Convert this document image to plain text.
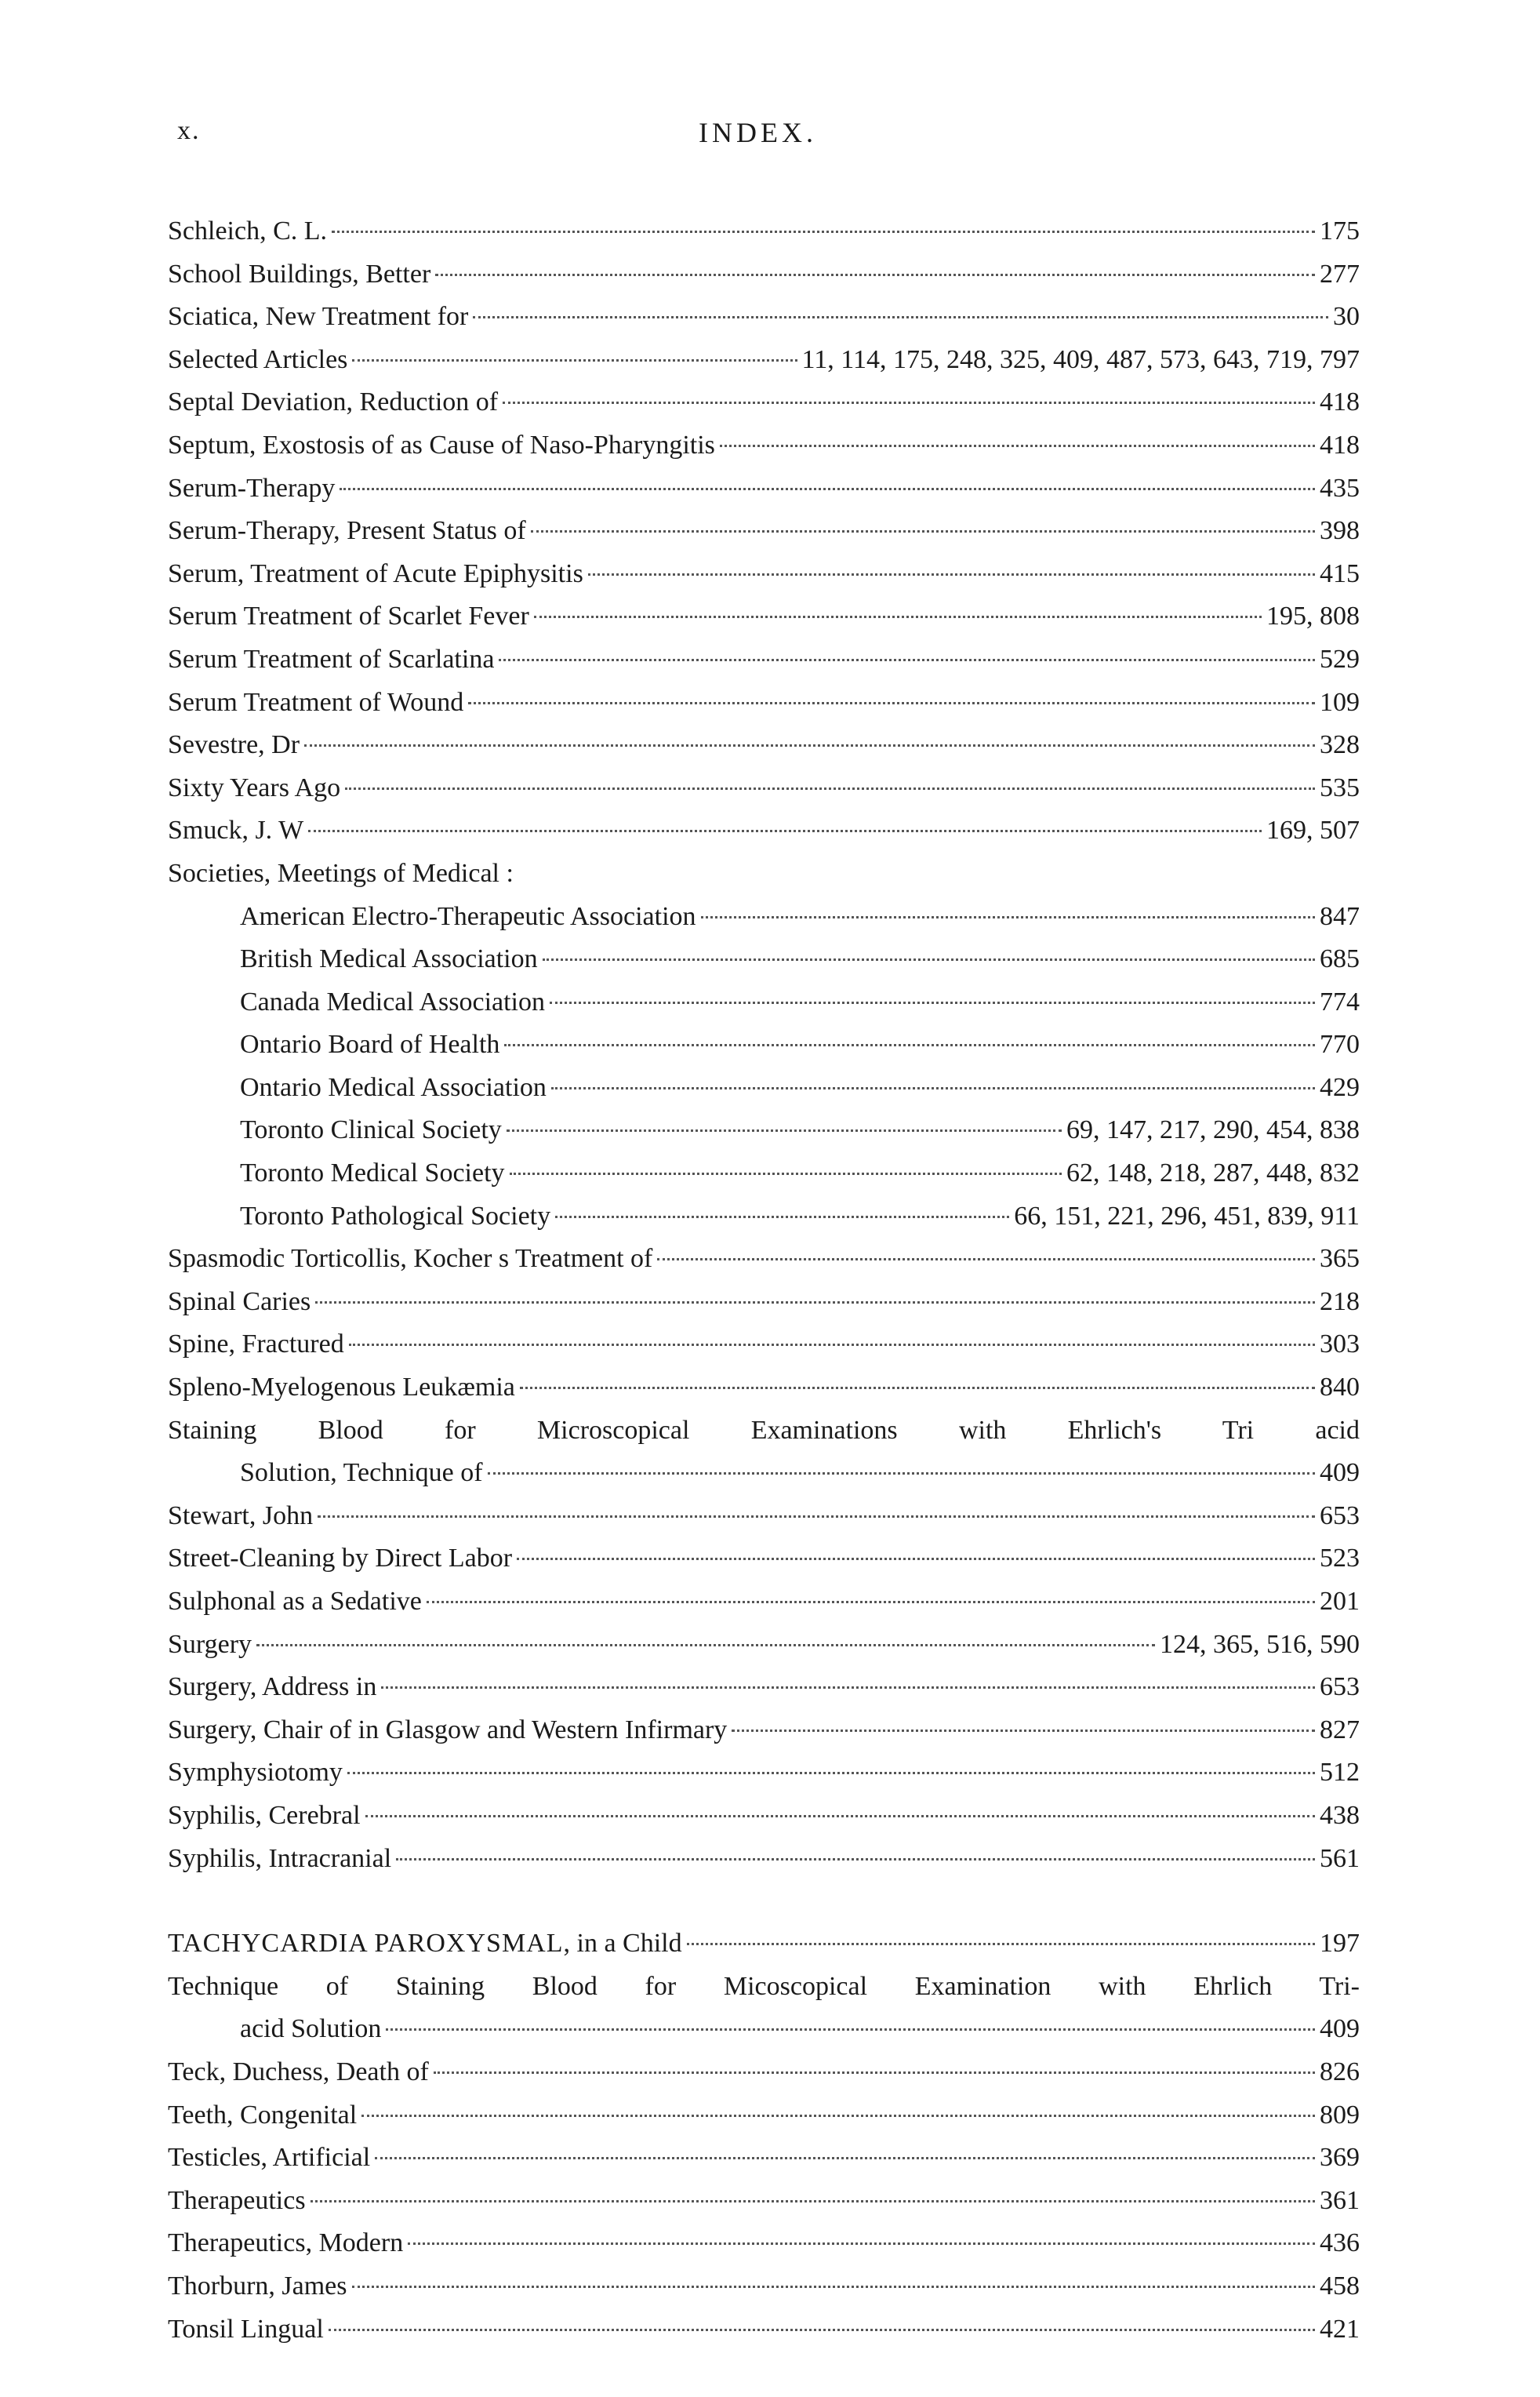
x.	INDEX.
Schleich, C. L.	175
School Buildings, Better	277
Sciatica, New Treatment for	30
Selected Articles	11, 114, 175, 248, 325, 409, 487, 573, 643, 719, 797
Septal Deviation, Reduction of	418
Septum, Exostosis of as Cause of Naso-Pharyngitis	418
Serum-Therapy	435
Serum-Therapy, Present Status of	398
Serum, Treatment of Acute Epiphysitis	415
Serum Treatment of Scarlet Fever	195, 808
Serum Treatment of Scarlatina	529
Serum Treatment of Wound	109
Sevestre, Dr	328
Sixty Years Ago	535
Smuck, J. W	169, 507
Societies, Meetings of Medical :
American Electro-Therapeutic Association	847
British Medical Association	685
Canada Medical Association	774
Ontario Board of Health	770
Ontario Medical Association	429
Toronto Clinical Society	69, 147, 217, 290, 454, 838
Toronto Medical Society	62, 148, 218, 287, 448, 832
Toronto Pathological Society	66, 151, 221, 296, 451, 839, 911
Spasmodic Torticollis, Kocher s Treatment of	365
Spinal Caries	218
Spine, Fractured	303
Spleno-Myelogenous Leukæmia	840
Staining Blood for Microscopical Examinations with Ehrlich's Tri acid
Solution, Technique of	409
Stewart, John	653
Street-Cleaning by Direct Labor	523
Sulphonal as a Sedative	201
Surgery	124, 365, 516, 590
Surgery, Address in	653
Surgery, Chair of in Glasgow and Western Infirmary	827
Symphysiotomy	512
Syphilis, Cerebral	438
Syphilis, Intracranial	561
TACHYCARDIA PAROXYSMAL, in a Child	197
Technique of Staining Blood for Micoscopical Examination with Ehrlich Tri-
acid Solution	409
Teck, Duchess, Death of	826
Teeth, Congenital	809
Testicles, Artificial	369
Therapeutics	361
Therapeutics, Modern	436
Thorburn, James	458
Tonsil Lingual	421
